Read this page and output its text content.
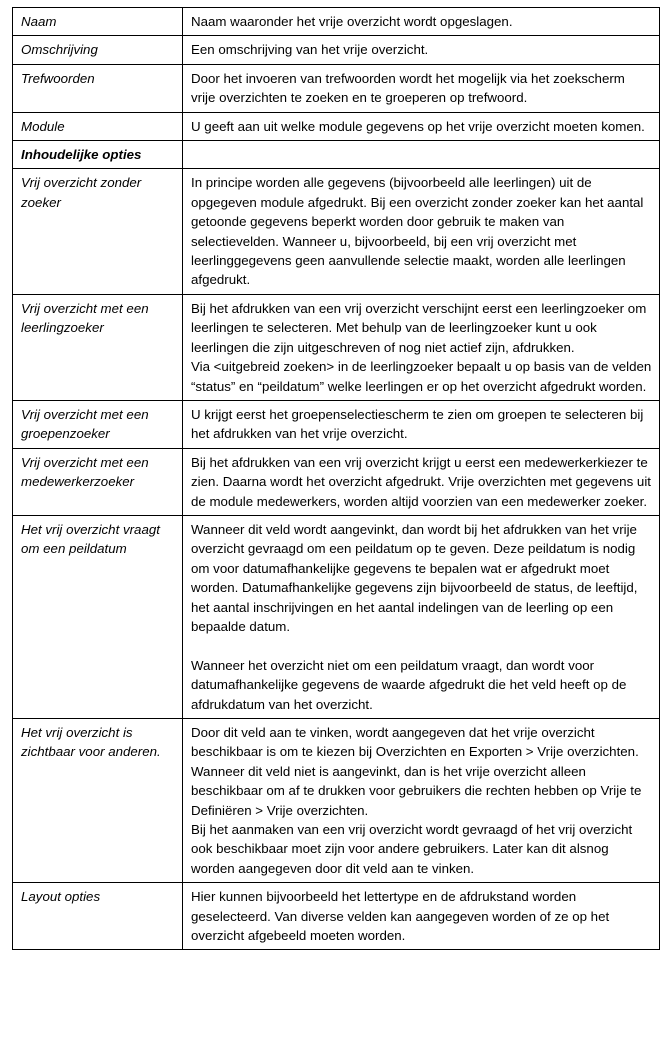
Naam	Naam waaronder het vrije overzicht wordt opgeslagen.

Omschrijving	Een omschrijving van het vrije overzicht.

Trefwoorden	Door het invoeren van trefwoorden wordt het mogelijk via het zoekscherm vrije overzichten te zoeken en te groeperen op trefwoord.

Module	U geeft aan uit welke module gegevens op het vrije overzicht moeten komen.

Inhoudelijke opties	
Vrij overzicht zonder zoeker	In principe worden alle gegevens (bijvoorbeeld alle leerlingen) uit de opgegeven module afgedrukt. Bij een overzicht zonder zoeker kan het aantal getoonde gegevens beperkt worden door gebruik te maken van selectievelden. Wanneer u, bijvoorbeeld, bij een vrij overzicht met leerlinggegevens geen aanvullende selectie maakt, worden alle leerlingen afgedrukt.

Vrij overzicht met een leerlingzoeker	Bij het afdrukken van een vrij overzicht verschijnt eerst een leerlingzoeker om leerlingen te selecteren. Met behulp van de leerlingzoeker kunt u ook leerlingen die zijn uitgeschreven of nog niet actief zijn, afdrukken.

Via <uitgebreid zoeken> in de leerlingzoeker bepaalt u op basis van de velden “status” en “peildatum” welke leerlingen er op het overzicht afgedrukt worden.

Vrij overzicht met een groepenzoeker	U krijgt eerst het groepenselectiescherm te zien om groepen te selecteren bij het afdrukken van het vrije overzicht.

Vrij overzicht met een medewerkerzoeker	Bij het afdrukken van een vrij overzicht krijgt u eerst een medewerkerkiezer te zien. Daarna wordt het overzicht afgedrukt. Vrije overzichten met gegevens uit de module medewerkers, worden altijd voorzien van een medewerker zoeker.

Het vrij overzicht vraagt om een peildatum	Wanneer dit veld wordt aangevinkt, dan wordt bij het afdrukken van het vrije overzicht gevraagd om een peildatum op te geven. Deze peildatum is nodig om voor datumafhankelijke gegevens te bepalen wat er afgedrukt moet worden. Datumafhankelijke gegevens zijn bijvoorbeeld de status, de leeftijd, het aantal inschrijvingen en het aantal indelingen van de leerling op een bepaalde datum.

Wanneer het overzicht niet om een peildatum vraagt, dan wordt voor datumafhankelijke gegevens de waarde afgedrukt die het veld heeft op de afdrukdatum van het overzicht.

Het vrij overzicht is zichtbaar voor anderen.	Door dit veld aan te vinken, wordt aangegeven dat het vrije overzicht beschikbaar is om te kiezen bij Overzichten en Exporten > Vrije overzichten.

Wanneer dit veld niet is aangevinkt, dan is het vrije overzicht alleen beschikbaar om af te drukken voor gebruikers die rechten hebben op Vrije te Definiëren > Vrije overzichten.

Bij het aanmaken van een vrij overzicht wordt gevraagd of het vrij overzicht ook beschikbaar moet zijn voor andere gebruikers. Later kan dit alsnog worden aangegeven door dit veld aan te vinken.

Layout opties	Hier kunnen bijvoorbeeld het lettertype en de afdrukstand worden geselecteerd. Van diverse velden kan aangegeven worden of ze op het overzicht afgebeeld moeten worden.
